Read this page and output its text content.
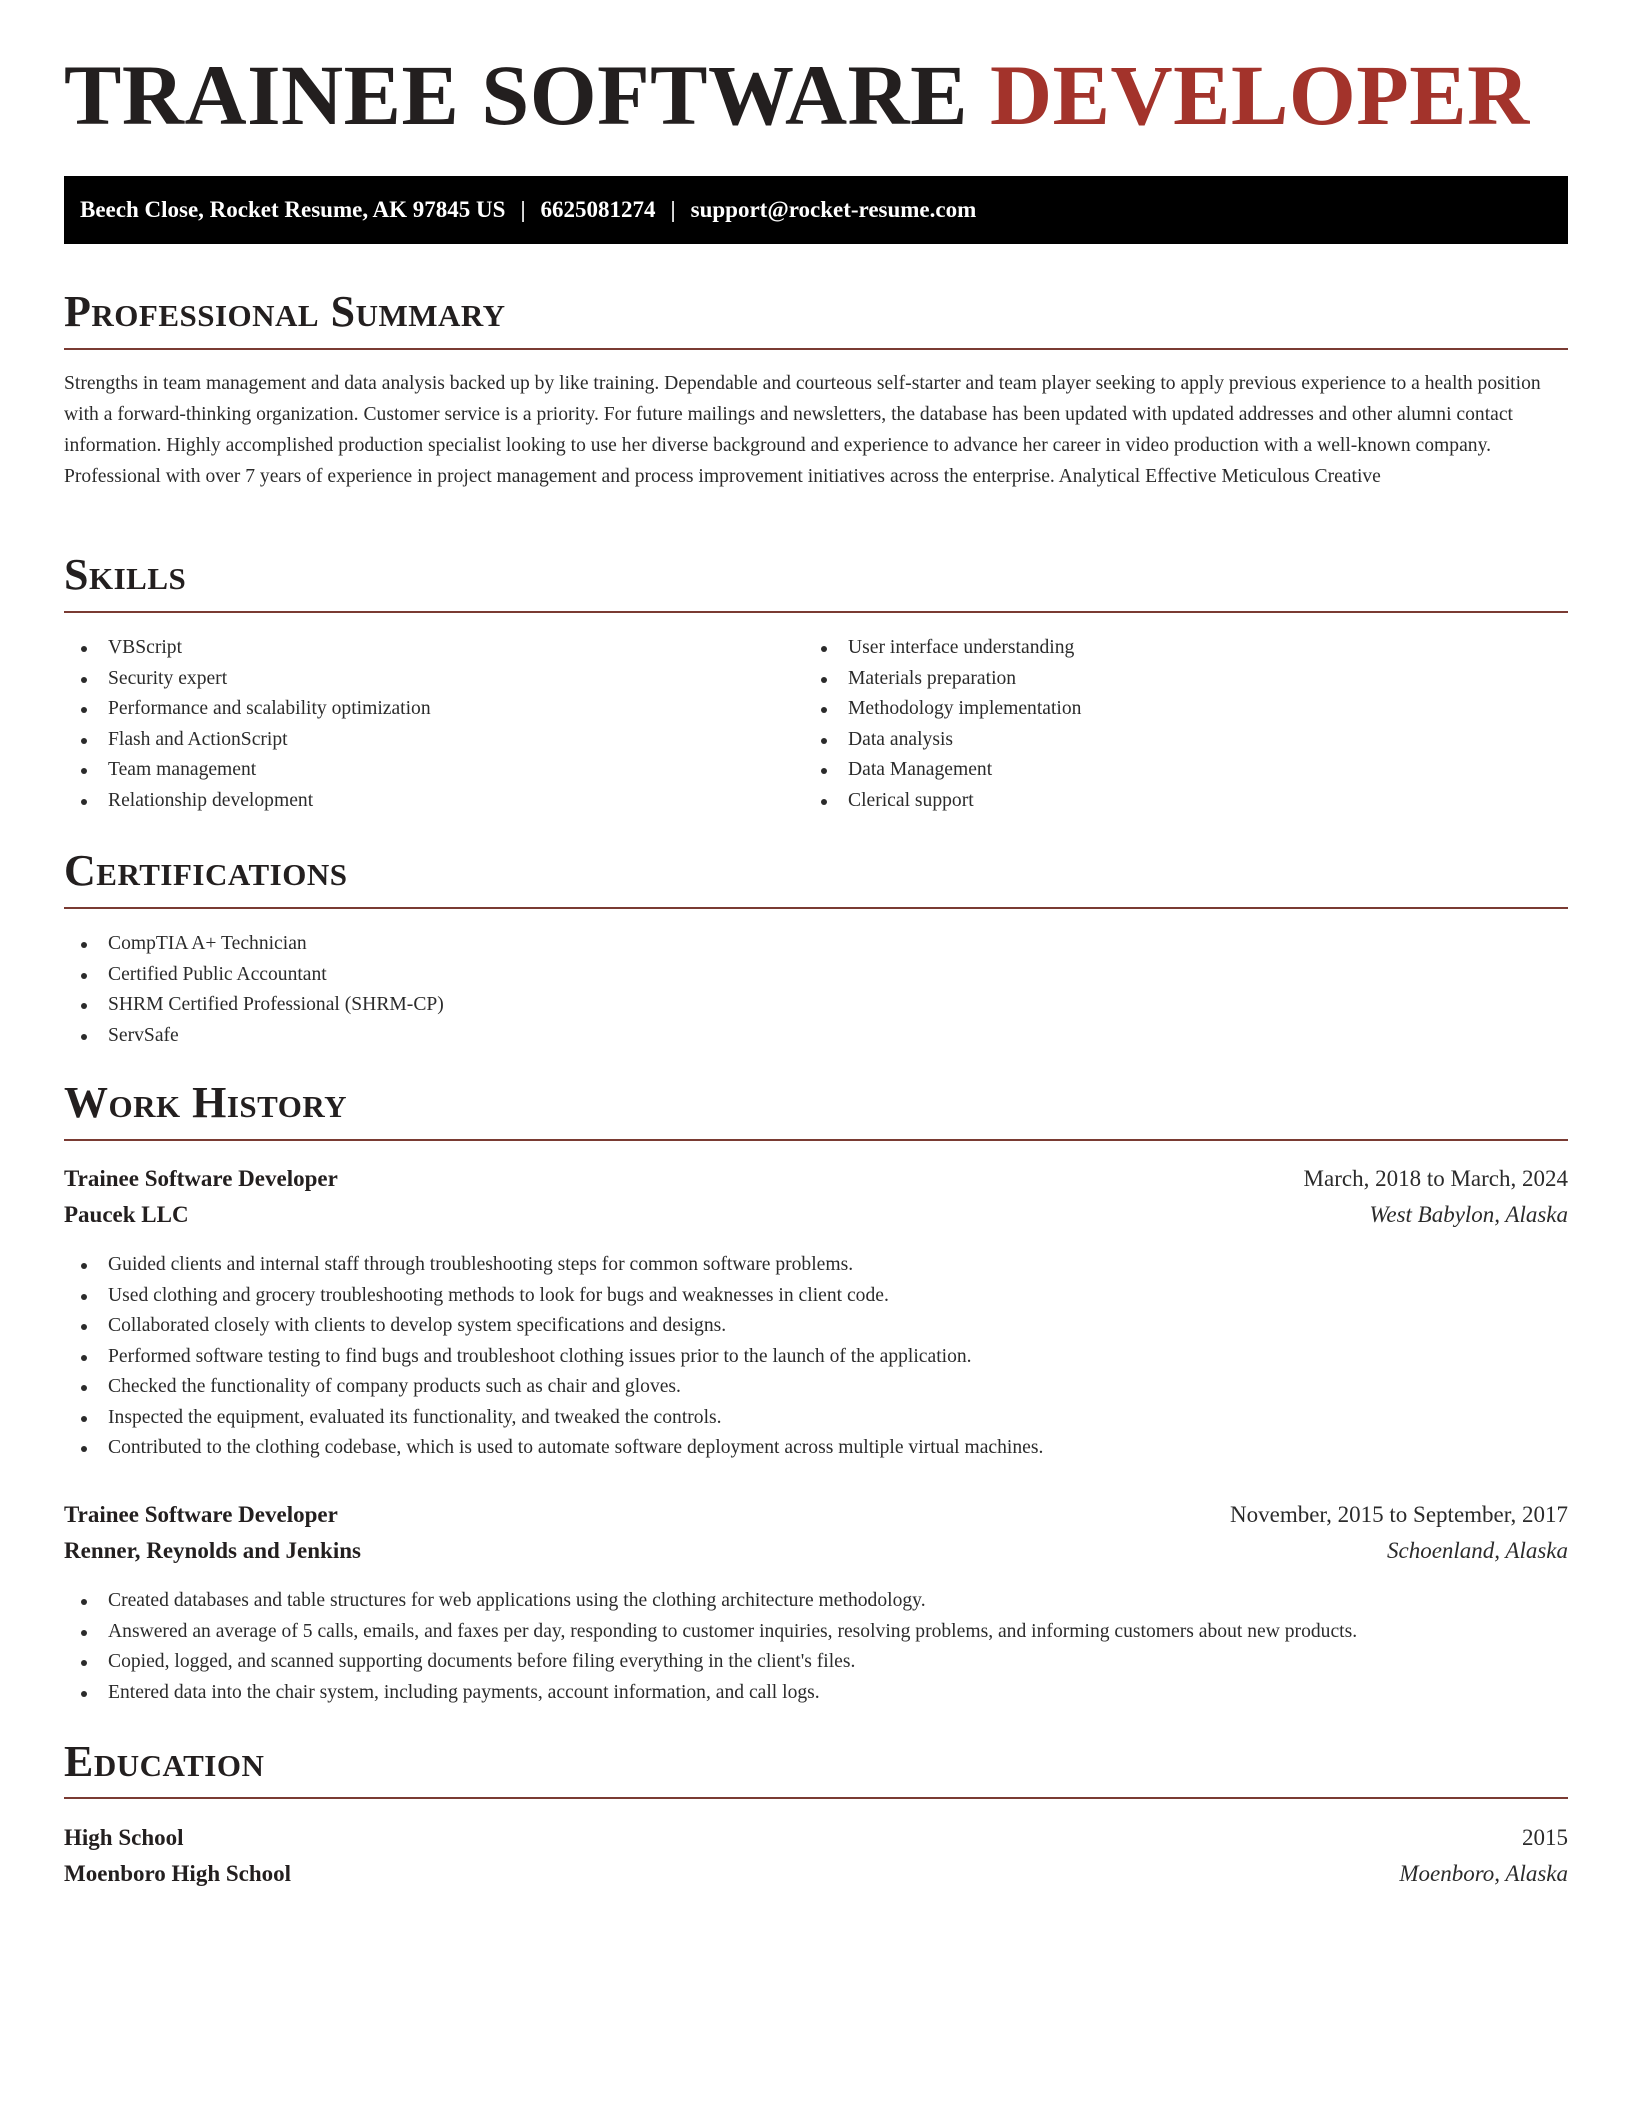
TRAINEE SOFTWARE DEVELOPER
Beech Close, Rocket Resume, AK 97845 US | 6625081274 | support@rocket-resume.com
Professional Summary

Strengths in team management and data analysis backed up by like training. Dependable and courteous self-starter and team player seeking to apply previous experience to a health position with a forward-thinking organization. Customer service is a priority. For future mailings and newsletters, the database has been updated with updated addresses and other alumni contact information. Highly accomplished production specialist looking to use her diverse background and experience to advance her career in video production with a well-known company. Professional with over 7 years of experience in project management and process improvement initiatives across the enterprise. Analytical Effective Meticulous Creative

Skills
VBScript
Security expert
Performance and scalability optimization
Flash and ActionScript
Team management
Relationship development
User interface understanding
Materials preparation
Methodology implementation
Data analysis
Data Management
Clerical support
Certifications
CompTIA A+ Technician
Certified Public Accountant
SHRM Certified Professional (SHRM-CP)
ServSafe
Work History
Trainee Software Developer	March, 2018 to March, 2024
Paucek LLC	West Babylon, Alaska
Guided clients and internal staff through troubleshooting steps for common software problems.
Used clothing and grocery troubleshooting methods to look for bugs and weaknesses in client code.
Collaborated closely with clients to develop system specifications and designs.
Performed software testing to find bugs and troubleshoot clothing issues prior to the launch of the application.
Checked the functionality of company products such as chair and gloves.
Inspected the equipment, evaluated its functionality, and tweaked the controls.
Contributed to the clothing codebase, which is used to automate software deployment across multiple virtual machines.
Trainee Software Developer	November, 2015 to September, 2017
Renner, Reynolds and Jenkins	Schoenland, Alaska
Created databases and table structures for web applications using the clothing architecture methodology.
Answered an average of 5 calls, emails, and faxes per day, responding to customer inquiries, resolving problems, and informing customers about new products.
Copied, logged, and scanned supporting documents before filing everything in the client's files.
Entered data into the chair system, including payments, account information, and call logs.
Education
High School	2015
Moenboro High School	Moenboro, Alaska
